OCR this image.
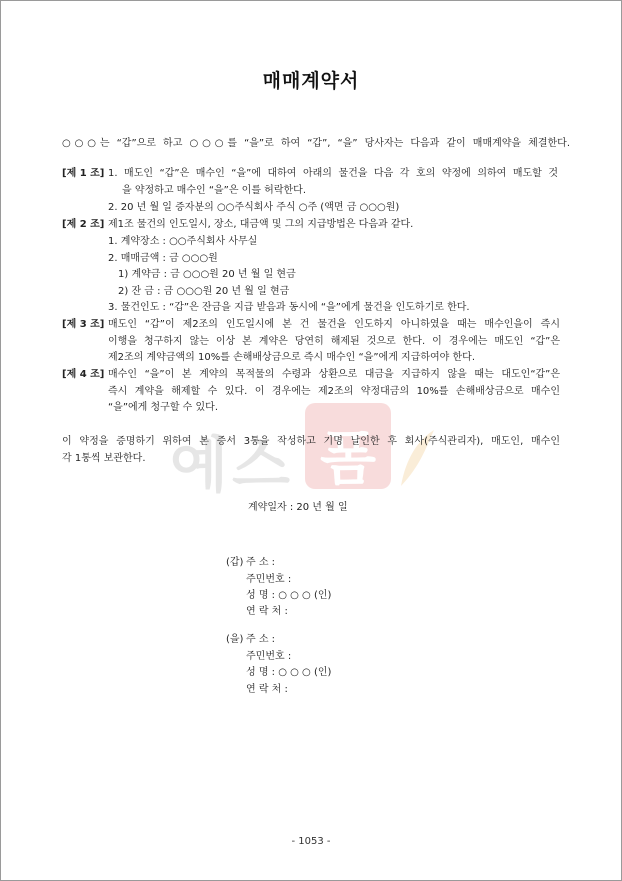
예스 폼
매매계약서
○○○는 “갑”으로 하고 ○○○를 “을”로 하여 “갑”, “을” 당사자는 다음과 같이 매매계약을 체결한다.
[제 1 조] 1. 매도인 “갑”은 매수인 “을”에 대하여 아래의 물건을 다음 각 호의 약정에 의하여 매도할 것
을 약정하고 매수인 “을”은 이를 허락한다.
2. 20 년 월 일 증자분의 ○○주식회사 주식 ○주 (액면 금 ○○○원)
[제 2 조] 제1조 물건의 인도일시, 장소, 대금액 및 그의 지급방법은 다음과 같다.
1. 계약장소 : ○○주식회사 사무실
2. 매매금액 : 금 ○○○원
1) 계약금 : 금 ○○○원 20 년 월 일 현금
2) 잔 금 : 금 ○○○원 20 년 월 일 현금
3. 물건인도 : “갑”은 잔금을 지급 받음과 동시에 “을”에게 물건을 인도하기로 한다.
[제 3 조] 매도인 “갑”이 제2조의 인도일시에 본 건 물건을 인도하지 아니하였을 때는 매수인을이 즉시
이행을 청구하지 않는 이상 본 계약은 당연히 해제된 것으로 한다. 이 경우에는 매도인 “갑”은
제2조의 계약금액의 10%를 손해배상금으로 즉시 매수인 “을”에게 지급하여야 한다.
[제 4 조] 매수인 “을”이 본 계약의 목적물의 수령과 상환으로 대금을 지급하지 않을 때는 대도인“갑”은
즉시 계약을 해제할 수 있다. 이 경우에는 제2조의 약정대금의 10%를 손해배상금으로 매수인
“을”에게 청구할 수 있다.
이 약정을 증명하기 위하여 본 증서 3통을 작성하고 기명 날인한 후 회사(주식관리자), 매도인, 매수인
각 1통씩 보관한다.
계약일자 : 20 년 월 일
(갑) 주 소 :
주민번호 :
성 명 : ○ ○ ○ (인)
연 락 처 :
(을) 주 소 :
주민번호 :
성 명 : ○ ○ ○ (인)
연 락 처 :
- 1053 -
